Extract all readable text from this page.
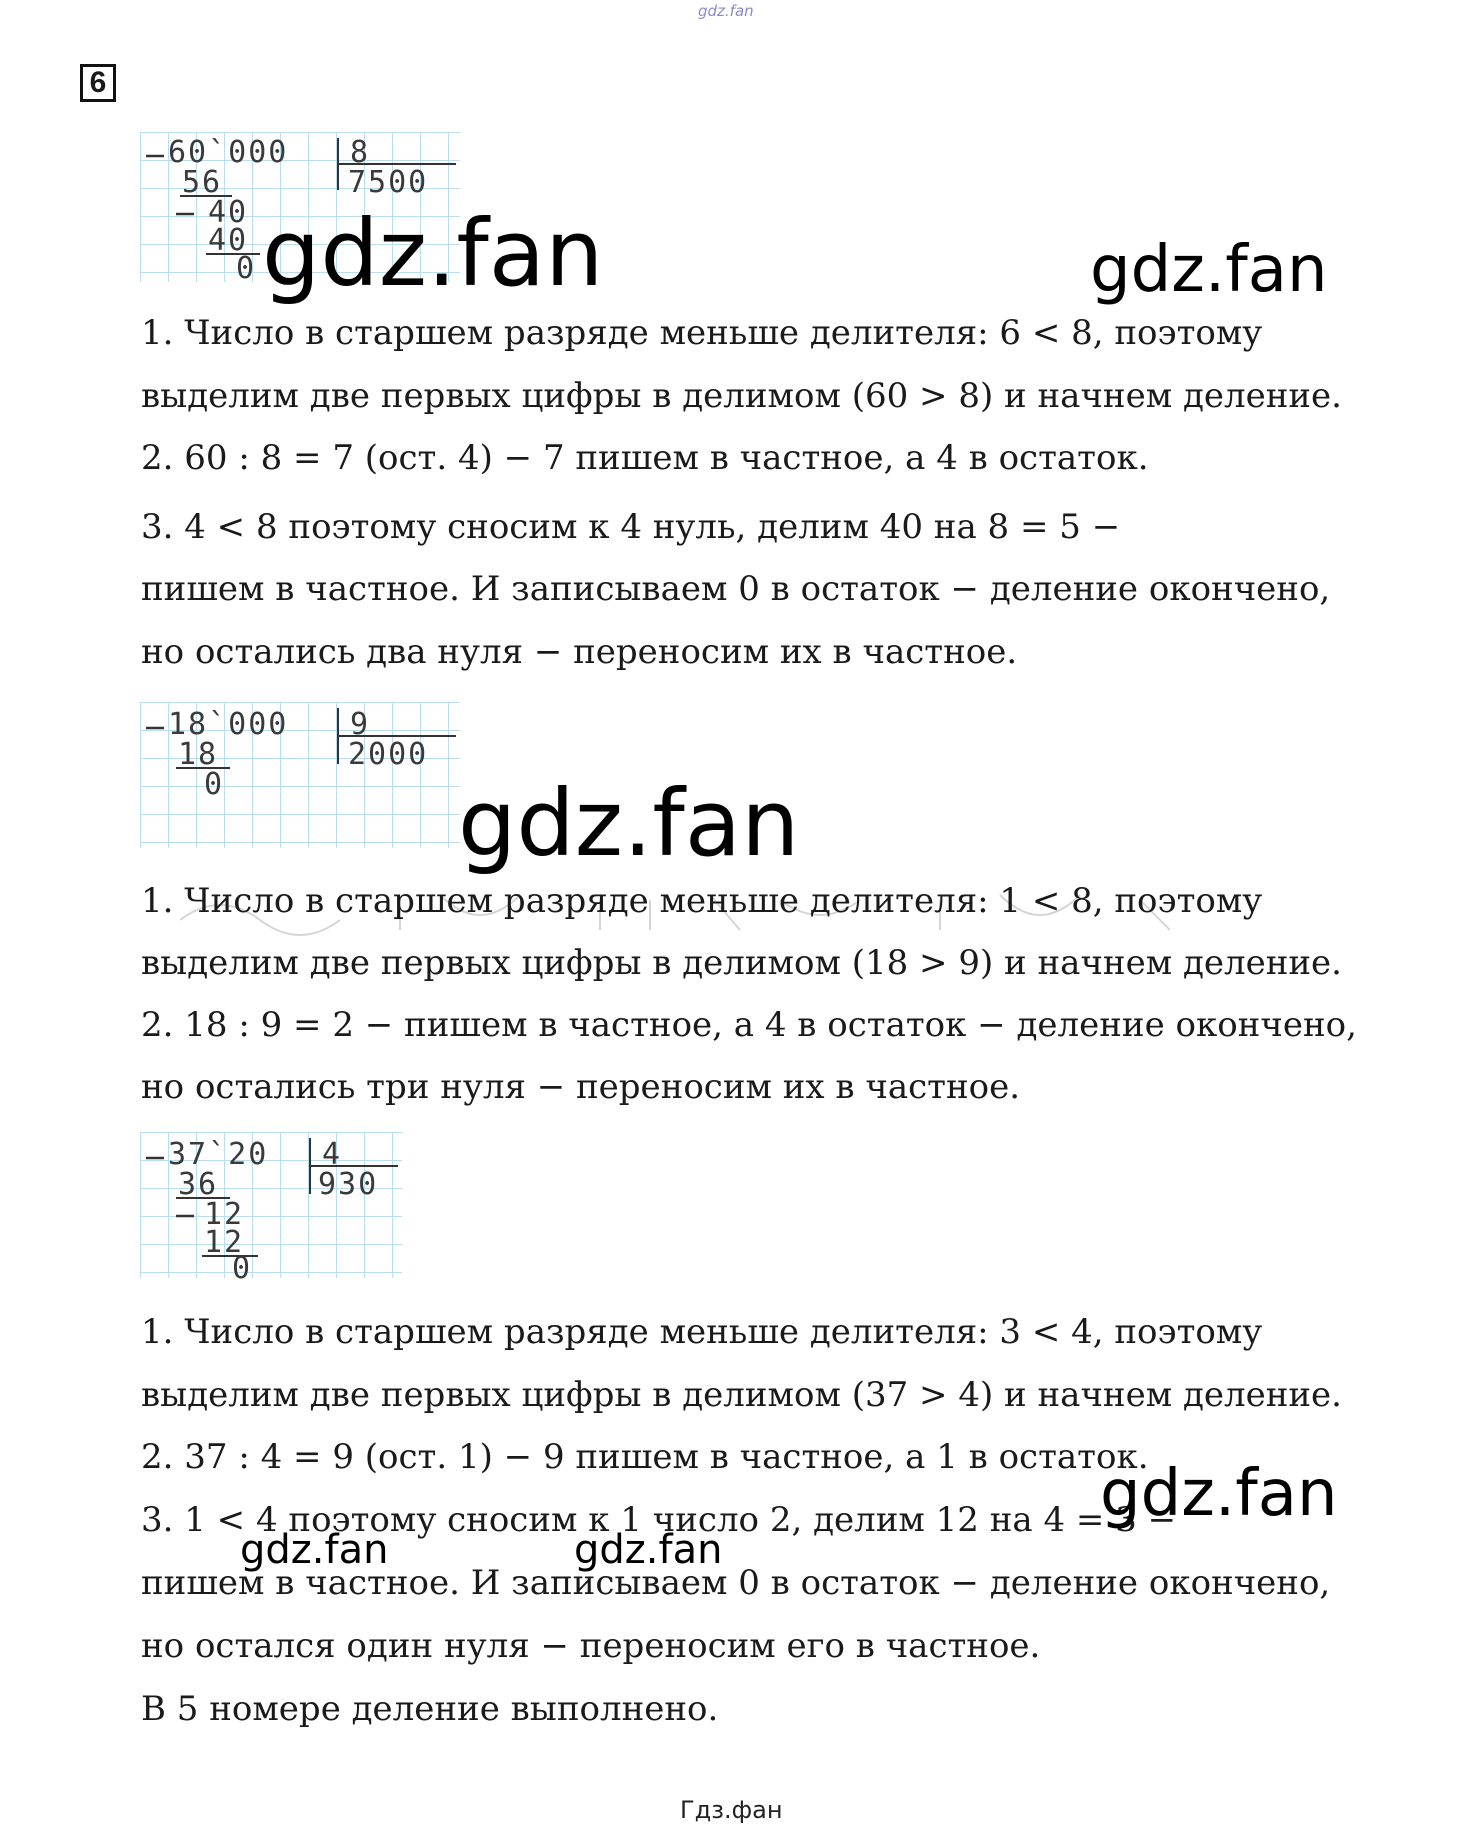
gdz.fan
6
60`000 8
7500
56
40
40
0 gdz.fan	gdz.fan
1. Число в старшем разряде меньше делителя: 6 < 8, поэтому
выделим две первых цифры в делимом (60 > 8) и начнем деление.
2. 60 : 8 = 7 (ост. 4) − 7 пишем в частное, а 4 в остаток.
3. 4 < 8 поэтому сносим к 4 нуль, делим 40 на 8 = 5 −
пишем в частное. И записываем 0 в остаток − деление окончено,
но остались два нуля − переносим их в частное.
18`000 9
2000
18
0	gdz.fan
1. Число в старшем разряде меньше делителя: 1 < 8, поэтому
выделим две первых цифры в делимом (18 > 9) и начнем деление.
2. 18 : 9 = 2 − пишем в частное, а 4 в остаток − деление окончено,
но остались три нуля − переносим их в частное.
37`20 4
930
36
12
12
0
1. Число в старшем разряде меньше делителя: 3 < 4, поэтому
выделим две первых цифры в делимом (37 > 4) и начнем деление.
2. 37 : 4 = 9 (ост. 1) − 9 пишем в частное, а 1 в остаток.
3. 1 < 4 поэтому сносим к 1 число 2, делим 12 на 4 = 3 −
пишем в частное. И записываем 0 в остаток − деление окончено,
но остался один нуля − переносим его в частное.
В 5 номере деление выполнено.
gdz.fan
gdz.fan	gdz.fan
Гдз.фан
